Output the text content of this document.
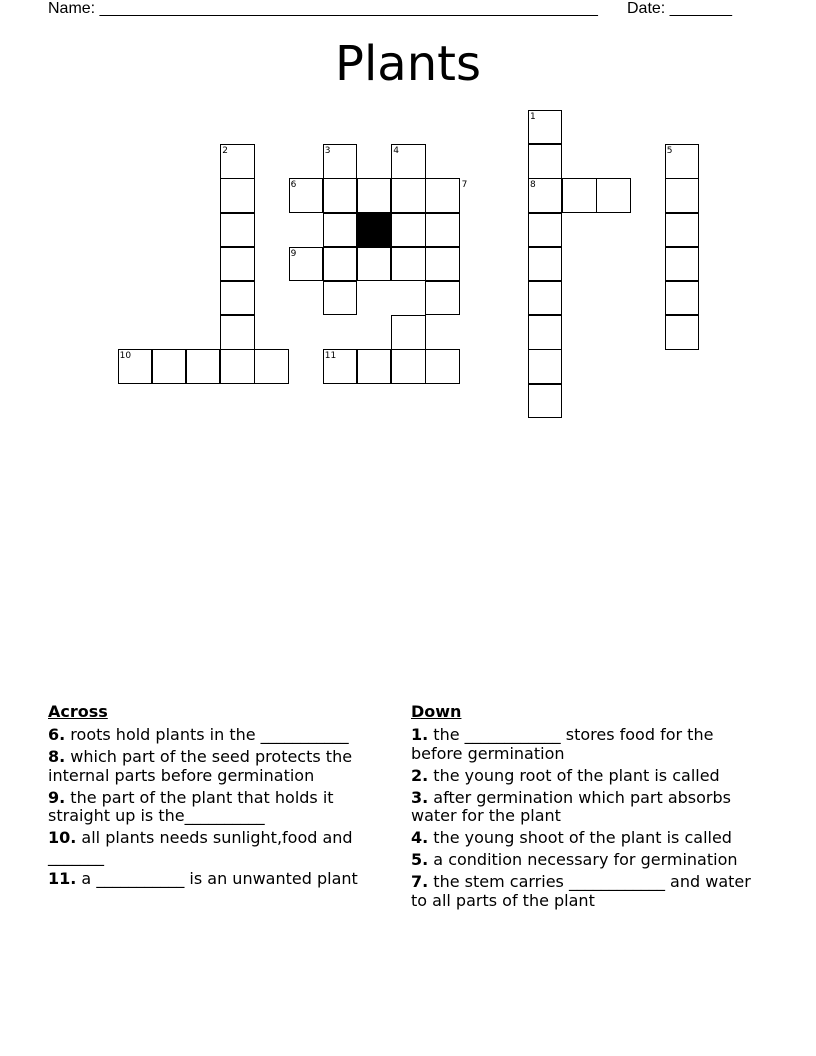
Name: ________________________________________________________ Date: _______
Plants
1
2	3	4	5
6	7	8
9
10	11
Across
6. roots hold plants in the ___________
8. which part of the seed protects the internal parts before germination
9. the part of the plant that holds it straight up is the__________
10. all plants needs sunlight,food and _______
11. a ___________ is an unwanted plant
Down
1. the ____________ stores food for the before germination
2. the young root of the plant is called
3. after germination which part absorbs water for the plant
4. the young shoot of the plant is called
5. a condition necessary for germination
7. the stem carries ____________ and water to all parts of the plant
